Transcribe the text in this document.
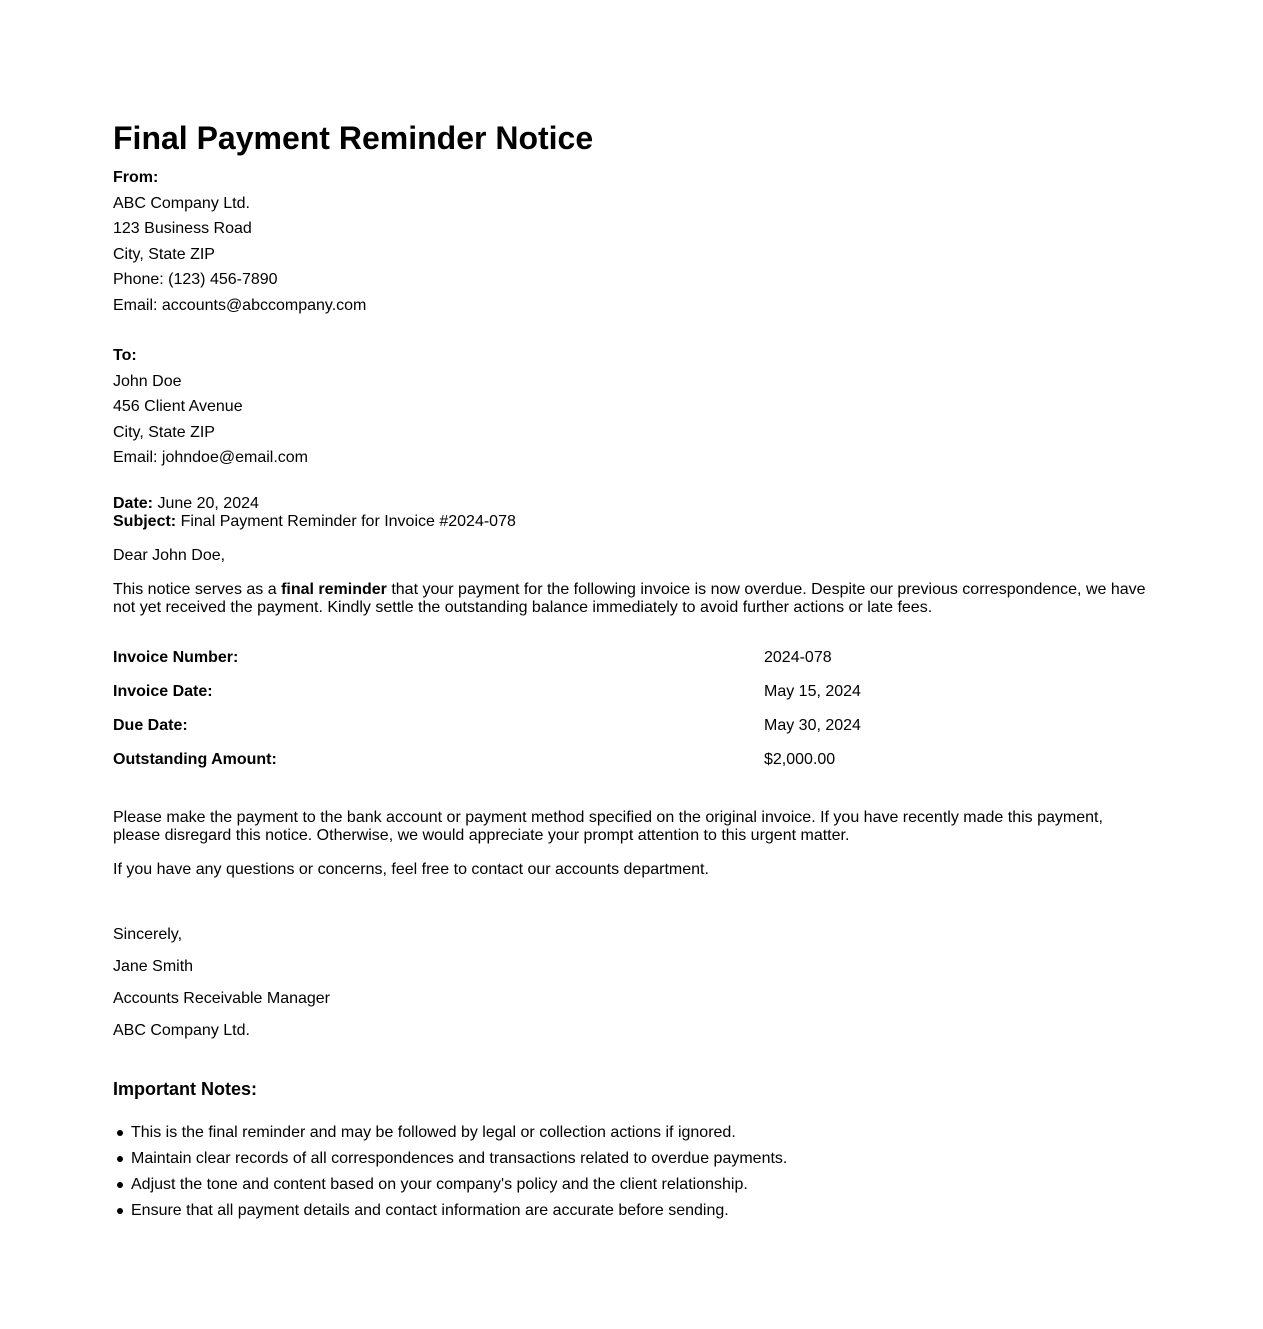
Final Payment Reminder Notice
From:
ABC Company Ltd.
123 Business Road
City, State ZIP
Phone: (123) 456-7890
Email: accounts@abccompany.com
To:
John Doe
456 Client Avenue
City, State ZIP
Email: johndoe@email.com
Date: June 20, 2024
Subject: Final Payment Reminder for Invoice #2024-078

Dear John Doe,

This notice serves as a final reminder that your payment for the following invoice is now overdue. Despite our previous correspondence, we have not yet received the payment. Kindly settle the outstanding balance immediately to avoid further actions or late fees.

Invoice Number:	2024-078
Invoice Date:	May 15, 2024
Due Date:	May 30, 2024
Outstanding Amount:	$2,000.00

Please make the payment to the bank account or payment method specified on the original invoice. If you have recently made this payment, please disregard this notice. Otherwise, we would appreciate your prompt attention to this urgent matter.

If you have any questions or concerns, feel free to contact our accounts department.

Sincerely,
Jane Smith
Accounts Receivable Manager
ABC Company Ltd.
Important Notes:
This is the final reminder and may be followed by legal or collection actions if ignored.
Maintain clear records of all correspondences and transactions related to overdue payments.
Adjust the tone and content based on your company's policy and the client relationship.
Ensure that all payment details and contact information are accurate before sending.
